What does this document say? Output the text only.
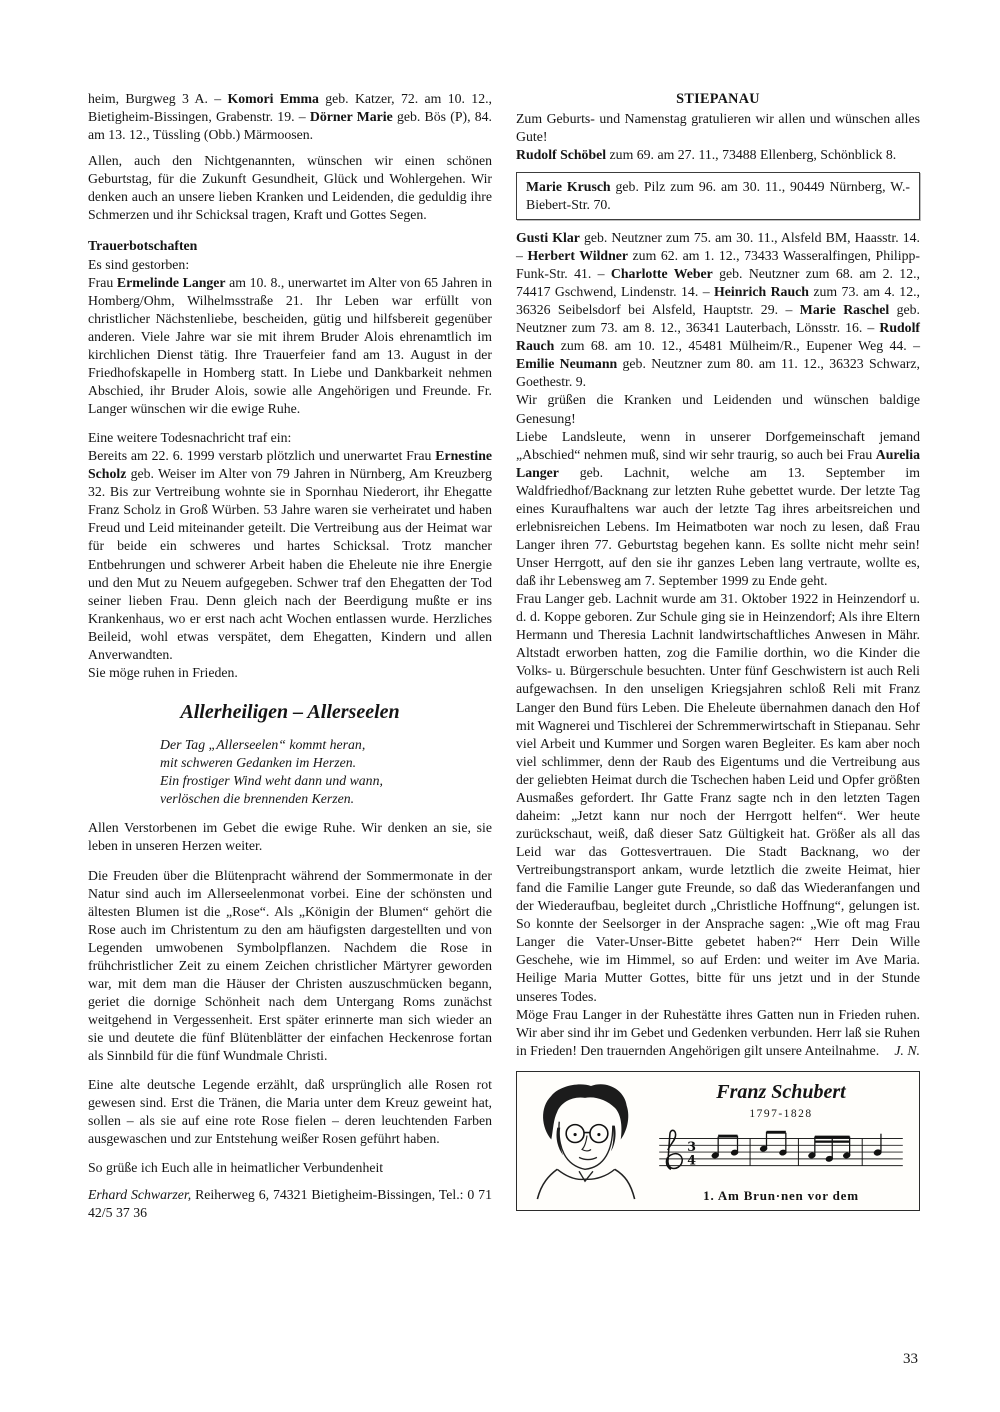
heim, Burgweg 3 A. – Komori Emma geb. Katzer, 72. am 10. 12., Bietigheim-Bissingen, Grabenstr. 19. – Dörner Marie geb. Bös (P), 84. am 13. 12., Tüssling (Obb.) Märmoosen.

Allen, auch den Nichtgenannten, wünschen wir einen schönen Geburtstag, für die Zukunft Gesundheit, Glück und Wohlergehen. Wir denken auch an unsere lieben Kranken und Leidenden, die geduldig ihre Schmerzen und ihr Schicksal tragen, Kraft und Gottes Segen.

Trauerbotschaften

Es sind gestorben:

Frau Ermelinde Langer am 10. 8., unerwartet im Alter von 65 Jahren in Homberg/Ohm, Wilhelmsstraße 21. Ihr Leben war erfüllt von christlicher Nächstenliebe, bescheiden, gütig und hilfsbereit gegenüber anderen. Viele Jahre war sie mit ihrem Bruder Alois ehrenamtlich im kirchlichen Dienst tätig. Ihre Trauerfeier fand am 13. August in der Friedhofskapelle in Homberg statt. In Liebe und Dankbarkeit nehmen Abschied, ihr Bruder Alois, sowie alle Angehörigen und Freunde. Fr. Langer wünschen wir die ewige Ruhe.

Eine weitere Todesnachricht traf ein:

Bereits am 22. 6. 1999 verstarb plötzlich und unerwartet Frau Ernestine Scholz geb. Weiser im Alter von 79 Jahren in Nürnberg, Am Kreuzberg 32. Bis zur Vertreibung wohnte sie in Spornhau Niederort, ihr Ehegatte Franz Scholz in Groß Würben. 53 Jahre waren sie verheiratet und haben Freud und Leid miteinander geteilt. Die Vertreibung aus der Heimat war für beide ein schweres und hartes Schicksal. Trotz mancher Entbehrungen und schwerer Arbeit haben die Eheleute nie ihre Energie und den Mut zu Neuem aufgegeben. Schwer traf den Ehegatten der Tod seiner lieben Frau. Denn gleich nach der Beerdigung mußte er ins Krankenhaus, wo er erst nach acht Wochen entlassen wurde. Herzliches Beileid, wohl etwas verspätet, dem Ehegatten, Kindern und allen Anverwandten.

Sie möge ruhen in Frieden.

Allerheiligen – Allerseelen
Der Tag „Allerseelen“ kommt heran,
mit schweren Gedanken im Herzen.
Ein frostiger Wind weht dann und wann,
verlöschen die brennenden Kerzen.

Allen Verstorbenen im Gebet die ewige Ruhe. Wir denken an sie, sie leben in unseren Herzen weiter.

Die Freuden über die Blütenpracht während der Sommermonate in der Natur sind auch im Allerseelenmonat vorbei. Eine der schönsten und ältesten Blumen ist die „Rose“. Als „Königin der Blumen“ gehört die Rose auch im Christentum zu den am häufigsten dargestellten und von Legenden umwobenen Symbolpflanzen. Nachdem die Rose in frühchristlicher Zeit zu einem Zeichen christlicher Märtyrer geworden war, mit dem man die Häuser der Christen auszuschmücken begann, geriet die dornige Schönheit nach dem Untergang Roms zunächst weitgehend in Vergessenheit. Erst später erinnerte man sich wieder an sie und deutete die fünf Blütenblätter der einfachen Heckenrose fortan als Sinnbild für die fünf Wundmale Christi.

Eine alte deutsche Legende erzählt, daß ursprünglich alle Rosen rot gewesen sind. Erst die Tränen, die Maria unter dem Kreuz geweint hat, sollen – als sie auf eine rote Rose fielen – deren leuchtenden Farben ausgewaschen und zur Entstehung weißer Rosen geführt haben.

So grüße ich Euch alle in heimatlicher Verbundenheit

Erhard Schwarzer, Reiherweg 6, 74321 Bietigheim-Bissingen, Tel.: 0 71 42/5 37 36

STIEPANAU

Zum Geburts- und Namenstag gratulieren wir allen und wünschen alles Gute!

Rudolf Schöbel zum 69. am 27. 11., 73488 Ellenberg, Schönblick 8.

Marie Krusch geb. Pilz zum 96. am 30. 11., 90449 Nürnberg, W.-Biebert-Str. 70.

Gusti Klar geb. Neutzner zum 75. am 30. 11., Alsfeld BM, Haasstr. 14. – Herbert Wildner zum 62. am 1. 12., 73433 Wasseralfingen, Philipp-Funk-Str. 41. – Charlotte Weber geb. Neutzner zum 68. am 2. 12., 74417 Gschwend, Lindenstr. 14. – Heinrich Rauch zum 73. am 4. 12., 36326 Seibelsdorf bei Alsfeld, Hauptstr. 29. – Marie Raschel geb. Neutzner zum 73. am 8. 12., 36341 Lauterbach, Lönsstr. 16. – Rudolf Rauch zum 68. am 10. 12., 45481 Mülheim/R., Eupener Weg 44. – Emilie Neumann geb. Neutzner zum 80. am 11. 12., 36323 Schwarz, Goethestr. 9.

Wir grüßen die Kranken und Leidenden und wünschen baldige Genesung!

Liebe Landsleute, wenn in unserer Dorfgemeinschaft jemand „Abschied“ nehmen muß, sind wir sehr traurig, so auch bei Frau Aurelia Langer geb. Lachnit, welche am 13. September im Waldfriedhof/Backnang zur letzten Ruhe gebettet wurde. Der letzte Tag eines Kuraufhaltens war auch der letzte Tag ihres arbeitsreichen und erlebnisreichen Lebens. Im Heimatboten war noch zu lesen, daß Frau Langer ihren 77. Geburtstag begehen kann. Es sollte nicht mehr sein! Unser Herrgott, auf den sie ihr ganzes Leben lang vertraute, wollte es, daß ihr Lebensweg am 7. September 1999 zu Ende geht.

Frau Langer geb. Lachnit wurde am 31. Oktober 1922 in Heinzendorf u. d. d. Koppe geboren. Zur Schule ging sie in Heinzendorf; Als ihre Eltern Hermann und Theresia Lachnit landwirtschaftliches Anwesen in Mähr. Altstadt erworben hatten, zog die Familie dorthin, wo die Kinder die Volks- u. Bürgerschule besuchten. Unter fünf Geschwistern ist auch Reli aufgewachsen. In den unseligen Kriegsjahren schloß Reli mit Franz Langer den Bund fürs Leben. Die Eheleute übernahmen danach den Hof mit Wagnerei und Tischlerei der Schremmerwirtschaft in Stiepanau. Sehr viel Arbeit und Kummer und Sorgen waren Begleiter. Es kam aber noch viel schlimmer, denn der Raub des Eigentums und die Vertreibung aus der geliebten Heimat durch die Tschechen haben Leid und Opfer größten Ausmaßes gefordert. Ihr Gatte Franz sagte nch in den letzten Tagen daheim: „Jetzt kann nur noch der Herrgott helfen“. Wer heute zurückschaut, weiß, daß dieser Satz Gültigkeit hat. Größer als all das Leid war das Gottesvertrauen. Die Stadt Backnang, wo der Vertreibungstransport ankam, wurde letztlich die zweite Heimat, hier fand die Familie Langer gute Freunde, so daß das Wiederanfangen und der Wiederaufbau, begleitet durch „Christliche Hoffnung“, gelungen ist. So konnte der Seelsorger in der Ansprache sagen: „Wie oft mag Frau Langer die Vater-Unser-Bitte gebetet haben?“ Herr Dein Wille Geschehe, wie im Himmel, so auf Erden: und weiter im Ave Maria. Heilige Maria Mutter Gottes, bitte für uns jetzt und in der Stunde unseres Todes.

Möge Frau Langer in der Ruhestätte ihres Gatten nun in Frieden ruhen. Wir aber sind ihr im Gebet und Gedenken verbunden. Herr laß sie Ruhen in Frieden! Den trauernden Angehörigen gilt unsere Anteilnahme. J. N.

Franz Schubert
1797-1828
3
4
1. Am Brun·nen vor dem
33
